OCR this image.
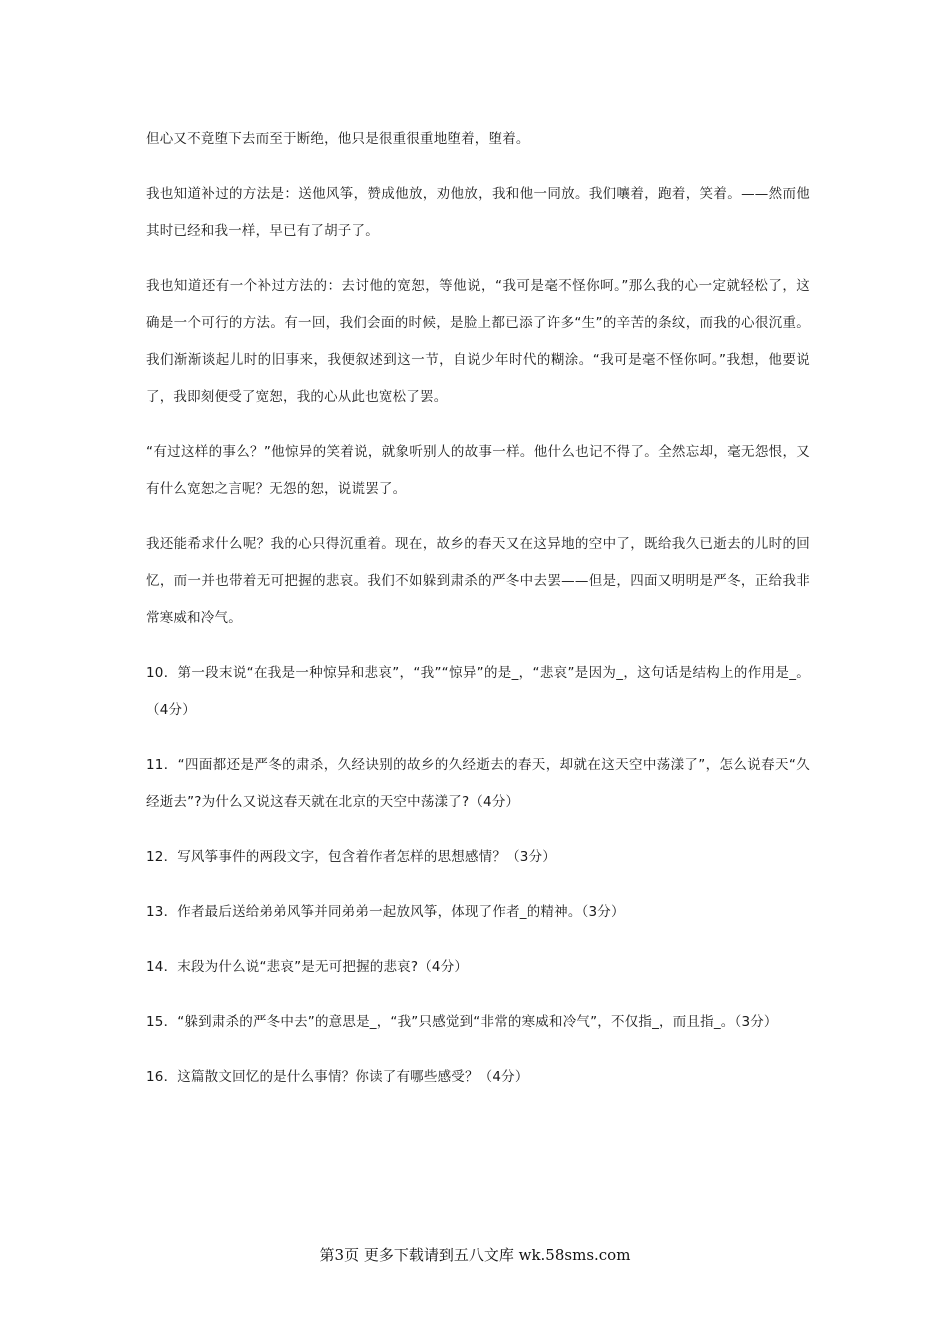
但心又不竟堕下去而至于断绝，他只是很重很重地堕着，堕着。

我也知道补过的方法是：送他风筝，赞成他放，劝他放，我和他一同放。我们嚷着，跑着，笑着。——然而他其时已经和我一样，早已有了胡子了。

我也知道还有一个补过方法的：去讨他的宽恕，等他说，“我可是毫不怪你呵。”那么我的心一定就轻松了，这确是一个可行的方法。有一回，我们会面的时候，是脸上都已添了许多“生”的辛苦的条纹，而我的心很沉重。我们渐渐谈起儿时的旧事来，我便叙述到这一节，自说少年时代的糊涂。“我可是毫不怪你呵。”我想，他要说了，我即刻便受了宽恕，我的心从此也宽松了罢。

“有过这样的事么？”他惊异的笑着说，就象听别人的故事一样。他什么也记不得了。全然忘却，毫无怨恨，又有什么宽恕之言呢？无怨的恕，说谎罢了。

我还能希求什么呢？我的心只得沉重着。现在，故乡的春天又在这异地的空中了，既给我久已逝去的儿时的回忆，而一并也带着无可把握的悲哀。我们不如躲到肃杀的严冬中去罢——但是，四面又明明是严冬，正给我非常寒威和冷气。

10．第一段末说“在我是一种惊异和悲哀”，“我”“惊异”的是_，“悲哀”是因为_，这句话是结构上的作用是_。（4分）

11．“四面都还是严冬的肃杀，久经诀别的故乡的久经逝去的春天，却就在这天空中荡漾了”，怎么说春天“久经逝去”?为什么又说这春天就在北京的天空中荡漾了?（4分）

12．写风筝事件的两段文字，包含着作者怎样的思想感情？（3分）

13．作者最后送给弟弟风筝并同弟弟一起放风筝，体现了作者_的精神。（3分）

14．末段为什么说“悲哀”是无可把握的悲哀?（4分）

15．“躲到肃杀的严冬中去”的意思是_，“我”只感觉到“非常的寒威和冷气”，不仅指_，而且指_。（3分）

16．这篇散文回忆的是什么事情？你读了有哪些感受？（4分）

第3页 更多下载请到五八文库 wk.58sms.com
